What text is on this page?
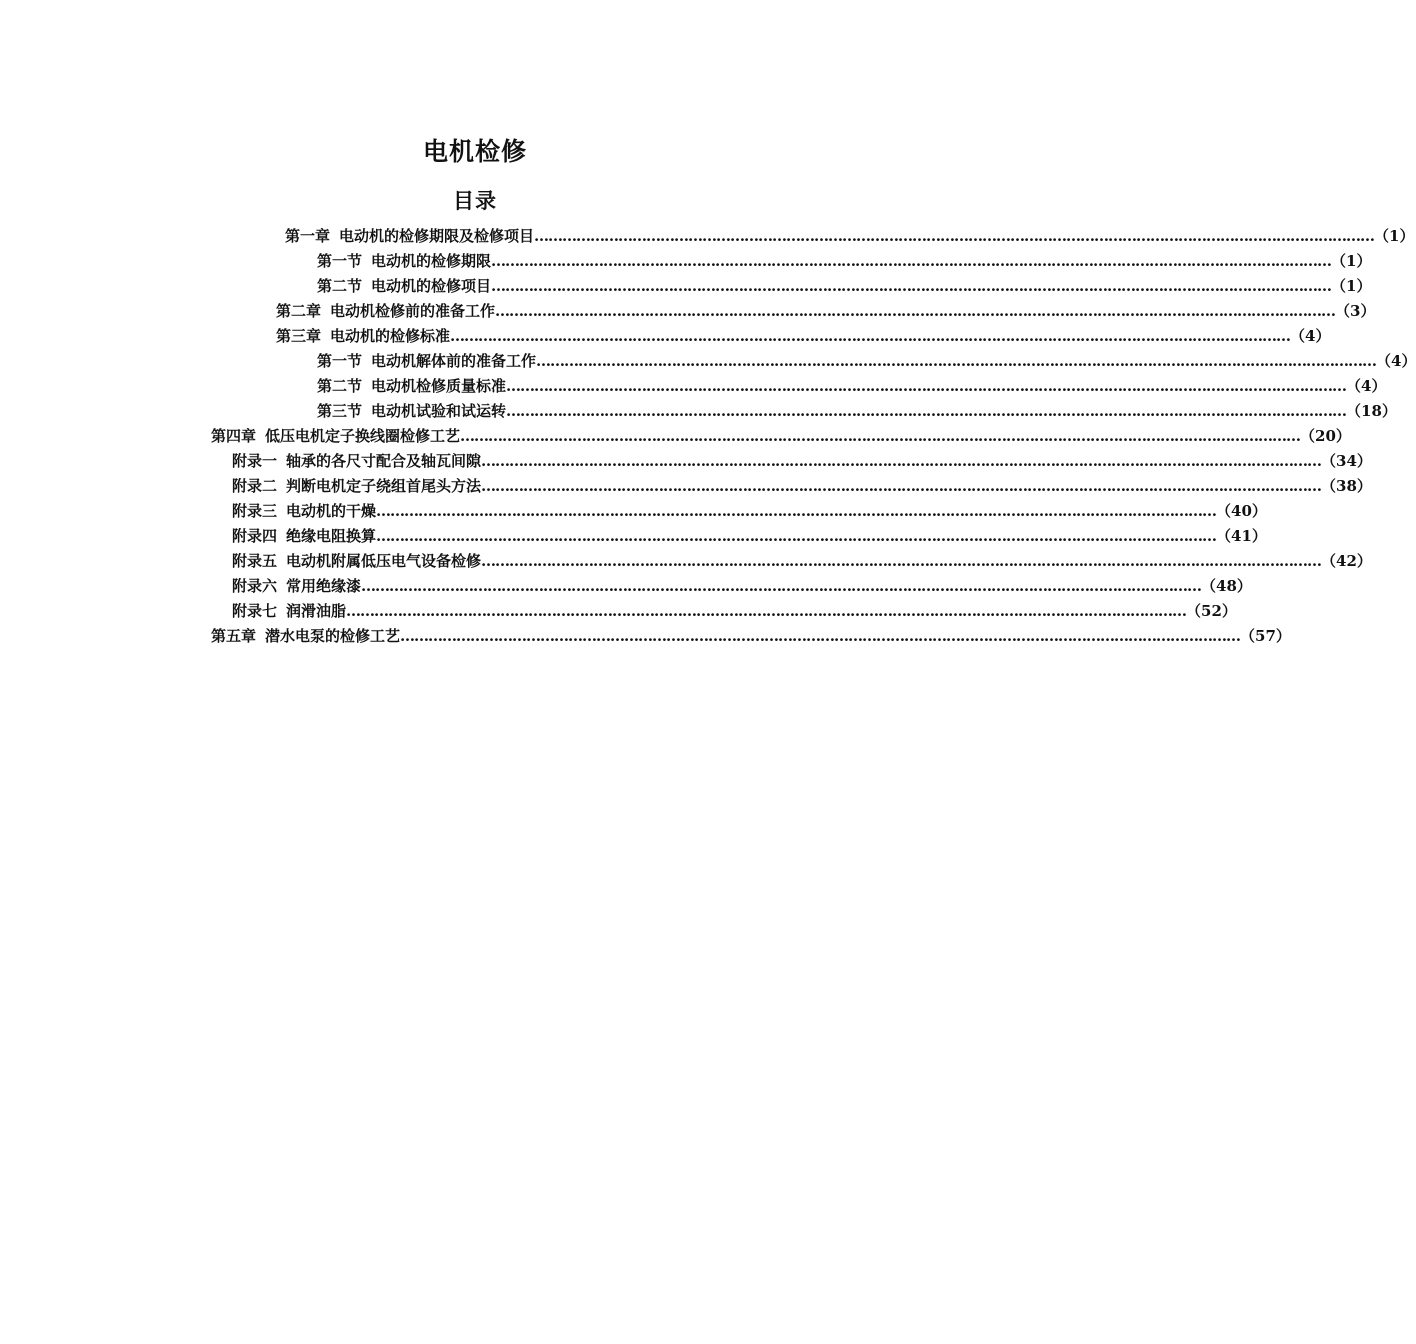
电机检修
目录
第一章 电动机的检修期限及检修项目 ……………………………………………………………………………………………………………………………………………………………… （1）
第一节 电动机的检修期限 ……………………………………………………………………………………………………………………………………………………………… （1）
第二节 电动机的检修项目 ……………………………………………………………………………………………………………………………………………………………… （1）
第二章 电动机检修前的准备工作 ……………………………………………………………………………………………………………………………………………………………… （3）
第三章 电动机的检修标准 ……………………………………………………………………………………………………………………………………………………………… （4）
第一节 电动机解体前的准备工作 ……………………………………………………………………………………………………………………………………………………………… （4）
第二节 电动机检修质量标准 ……………………………………………………………………………………………………………………………………………………………… （4）
第三节 电动机试验和试运转 ……………………………………………………………………………………………………………………………………………………………… （18）
第四章 低压电机定子换线圈检修工艺 ……………………………………………………………………………………………………………………………………………………………… （20）
附录一 轴承的各尺寸配合及轴瓦间隙 ……………………………………………………………………………………………………………………………………………………………… （34）
附录二 判断电机定子绕组首尾头方法 ……………………………………………………………………………………………………………………………………………………………… （38）
附录三 电动机的干燥 ……………………………………………………………………………………………………………………………………………………………… （40）
附录四 绝缘电阻换算 ……………………………………………………………………………………………………………………………………………………………… （41）
附录五 电动机附属低压电气设备检修 ……………………………………………………………………………………………………………………………………………………………… （42）
附录六 常用绝缘漆 ……………………………………………………………………………………………………………………………………………………………… （48）
附录七 润滑油脂 ……………………………………………………………………………………………………………………………………………………………… （52）
第五章 潜水电泵的检修工艺 ……………………………………………………………………………………………………………………………………………………………… （57）
